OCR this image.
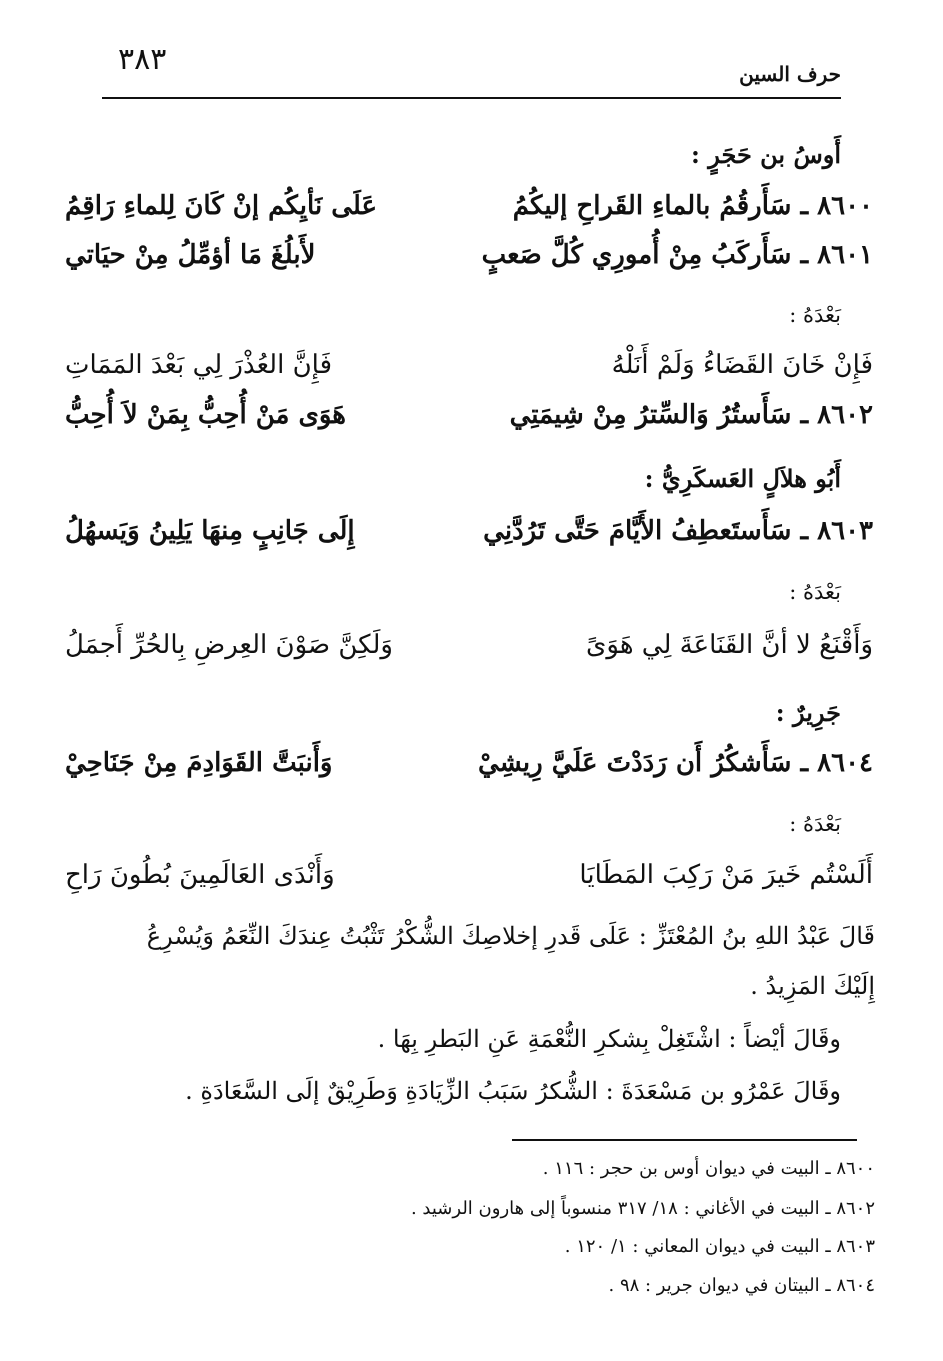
حرف السين
٣٨٣
أَوسُ بن حَجَرٍ :
٨٦٠٠ ـ سَأَرقُمُ بالماءِ القَراحِ إليكُمُ
عَلَى نَأيِكُم إنْ كَانَ لِلماءِ رَاقِمُ
٨٦٠١ ـ سَأَركَبُ مِنْ أُمورِي كُلَّ صَعبٍ
لأَبلُغَ مَا أؤمِّلُ مِنْ حيَاتي
بَعْدَهُ :
فَإِنْ خَانَ القَضَاءُ وَلَمْ أَنَلْهُ
فَإِنَّ العُذْرَ لِي بَعْدَ المَمَاتِ
٨٦٠٢ ـ سَأَستُرُ وَالسِّترُ مِنْ شِيمَتِي
هَوَى مَنْ أُحِبُّ بِمَنْ لاَ أُحِبُّ
أَبُو هلاَلٍ العَسكَرِيُّ :
٨٦٠٣ ـ سَأَستَعطِفُ الأَيَّامَ حَتَّى تَرُدَّنِي
إِلَى جَانِبٍ مِنهَا يَلِينُ وَيَسهُلُ
بَعْدَهُ :
وَأَقْنَعُ لا أنَّ القَنَاعَةَ لِي هَوَىً
وَلَكِنَّ صَوْنَ العِرضِ بِالحُرِّ أَجمَلُ
جَرِيرٌ :
٨٦٠٤ ـ سَأَشكُرُ أَن رَدَدْتَ عَلَيَّ رِيشِيْ
وَأَنبَتَّ القَوَادِمَ مِنْ جَنَاحِيْ
بَعْدَهُ :
أَلَسْتُم خَيرَ مَنْ رَكِبَ المَطَايَا
وَأَنْدَى العَالَمِينَ بُطُونَ رَاحِ
قَالَ عَبْدُ اللهِ بنُ المُعْتَزِّ : عَلَى قَدرِ إخلاصِكَ الشُّكْرُ تَثْبُتُ عِندَكَ النِّعَمُ وَيُسْرِعُ
إِلَيْكَ المَزِيدُ .
وقَالَ أيْضاً : اشْتَغِلْ بِشكرِ النُّعْمَةِ عَنِ البَطرِ بِهَا .
وقَالَ عَمْرُو بن مَسْعَدَةَ : الشُّكرُ سَبَبُ الزِّيَادَةِ وَطَرِيْقٌ إلَى السَّعَادَةِ .
٨٦٠٠ ـ البيت في ديوان أوس بن حجر : ١١٦ .
٨٦٠٢ ـ البيت في الأغاني : ١٨/ ٣١٧ منسوباً إلى هارون الرشيد .
٨٦٠٣ ـ البيت في ديوان المعاني : ١/ ١٢٠ .
٨٦٠٤ ـ البيتان في ديوان جرير : ٩٨ .
